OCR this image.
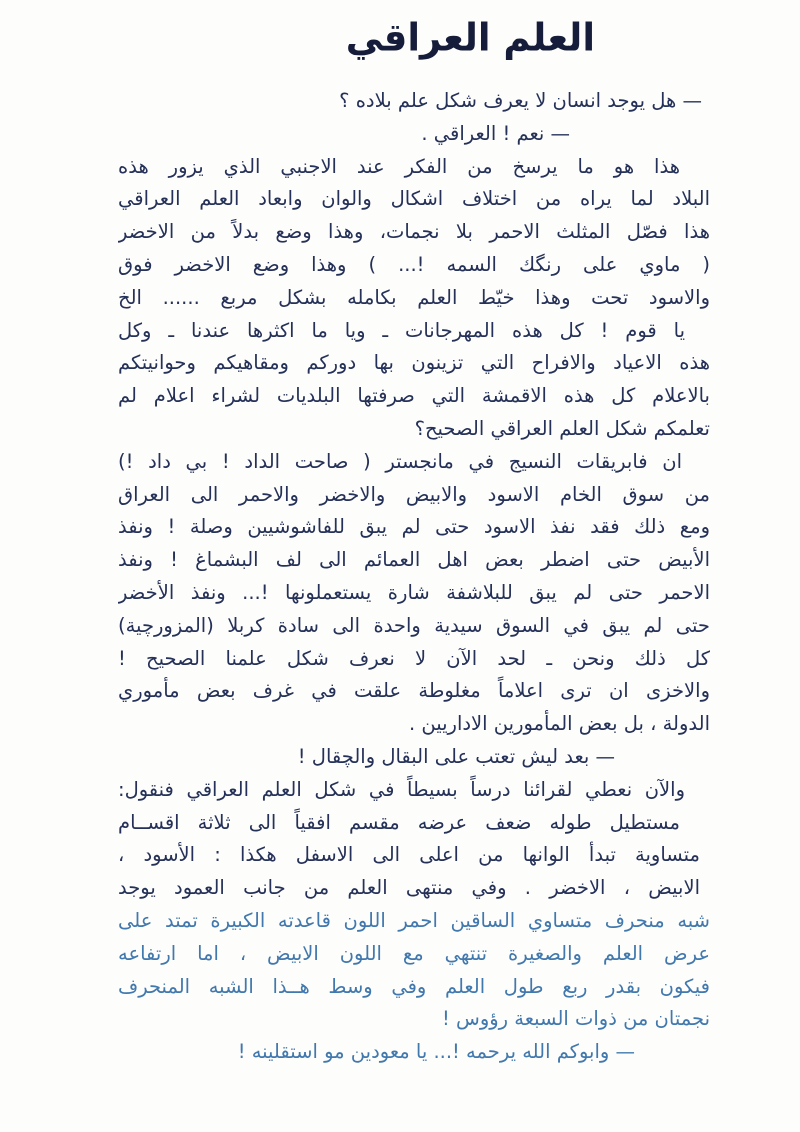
العلم العراقي
— هل يوجد انسان لا يعرف شكل علم بلاده ؟
— نعم ! العراقي .
هذا هو ما يرسخ من الفكر عند الاجنبي الذي يزور هذه
البلاد لما يراه من اختلاف اشكال والوان وابعاد العلم العراقي
هذا فصّل المثلث الاحمر بلا نجمات، وهذا وضع بدلاً من الاخضر
( ماوي على رنگك السمه !... ) وهذا وضع الاخضر فوق
والاسود تحت وهذا خيّط العلم بكامله بشكل مربع ...... الخ
يا قوم ! كل هذه المهرجانات ـ ويا ما اكثرها عندنا ـ وكل
هذه الاعياد والافراح التي تزينون بها دوركم ومقاهيكم وحوانيتكم
بالاعلام كل هذه الاقمشة التي صرفتها البلديات لشراء اعلام لم
تعلمكم شكل العلم العراقي الصحيح؟
ان فابريقات النسيج في مانجستر ( صاحت الداد ! بي داد !)
من سوق الخام الاسود والابيض والاخضر والاحمر الى العراق
ومع ذلك فقد نفذ الاسود حتى لم يبق للفاشوشيين وصلة ! ونفذ
الأبيض حتى اضطر بعض اهل العمائم الى لف البشماغ ! ونفذ
الاحمر حتى لم يبق للبلاشفة شارة يستعملونها !... ونفذ الأخضر
حتى لم يبق في السوق سيدية واحدة الى سادة كربلا (المزورچية)
كل ذلك ونحن ـ لحد الآن لا نعرف شكل علمنا الصحيح !
والاخزى ان ترى اعلاماً مغلوطة علقت في غرف بعض مأموري
الدولة ، بل بعض المأمورين الاداريين .
— بعد ليش تعتب على البقال والچقال !
والآن نعطي لقرائنا درساً بسيطاً في شكل العلم العراقي فنقول:
مستطيل طوله ضعف عرضه مقسم افقياً الى ثلاثة اقســام
متساوية تبدأ الوانها من اعلى الى الاسفل هكذا : الأسود ،
الابيض ، الاخضر . وفي منتهى العلم من جانب العمود يوجد
شبه منحرف متساوي الساقين احمر اللون قاعدته الكبيرة تمتد على
عرض العلم والصغيرة تنتهي مع اللون الابيض ، اما ارتفاعه
فيكون بقدر ربع طول العلم وفي وسط هــذا الشبه المنحرف
نجمتان من ذوات السبعة رؤوس !
— وابوكم الله يرحمه !... يا معودين مو استقلينه !
